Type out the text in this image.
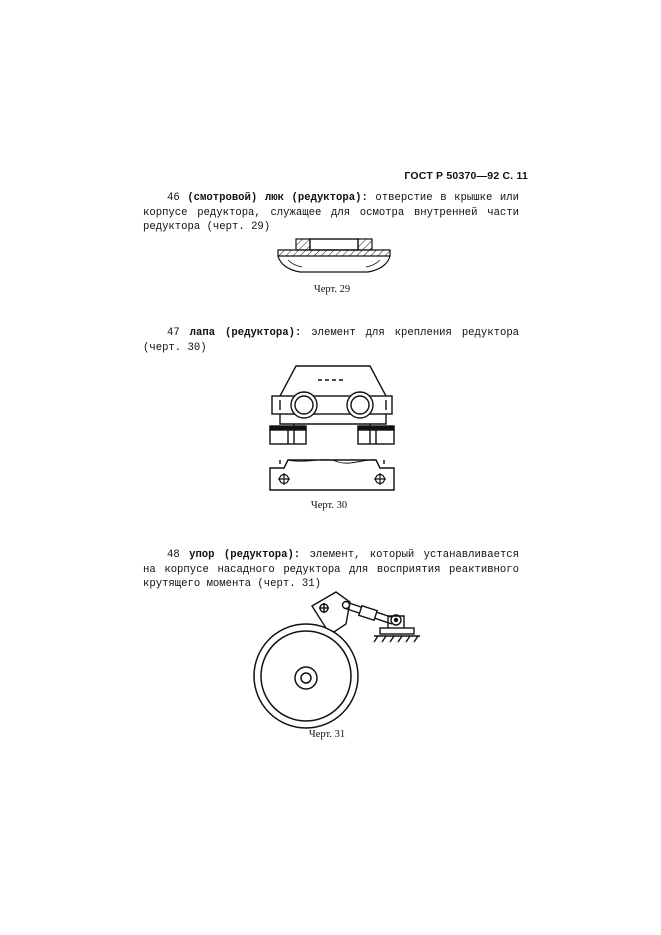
ГОСТ Р 50370—92 С. 11
46 (смотровой) люк (редуктора): отверстие в крышке или корпусе редуктора, служащее для осмотра внутренней части редуктора (черт. 29)
Черт. 29
47 лапа (редуктора): элемент для крепления редуктора (черт. 30)
Черт. 30
48 упор (редуктора): элемент, который устанавливается на корпусе насадного редуктора для восприятия реактивного крутящего момента (черт. 31)
Черт. 31
